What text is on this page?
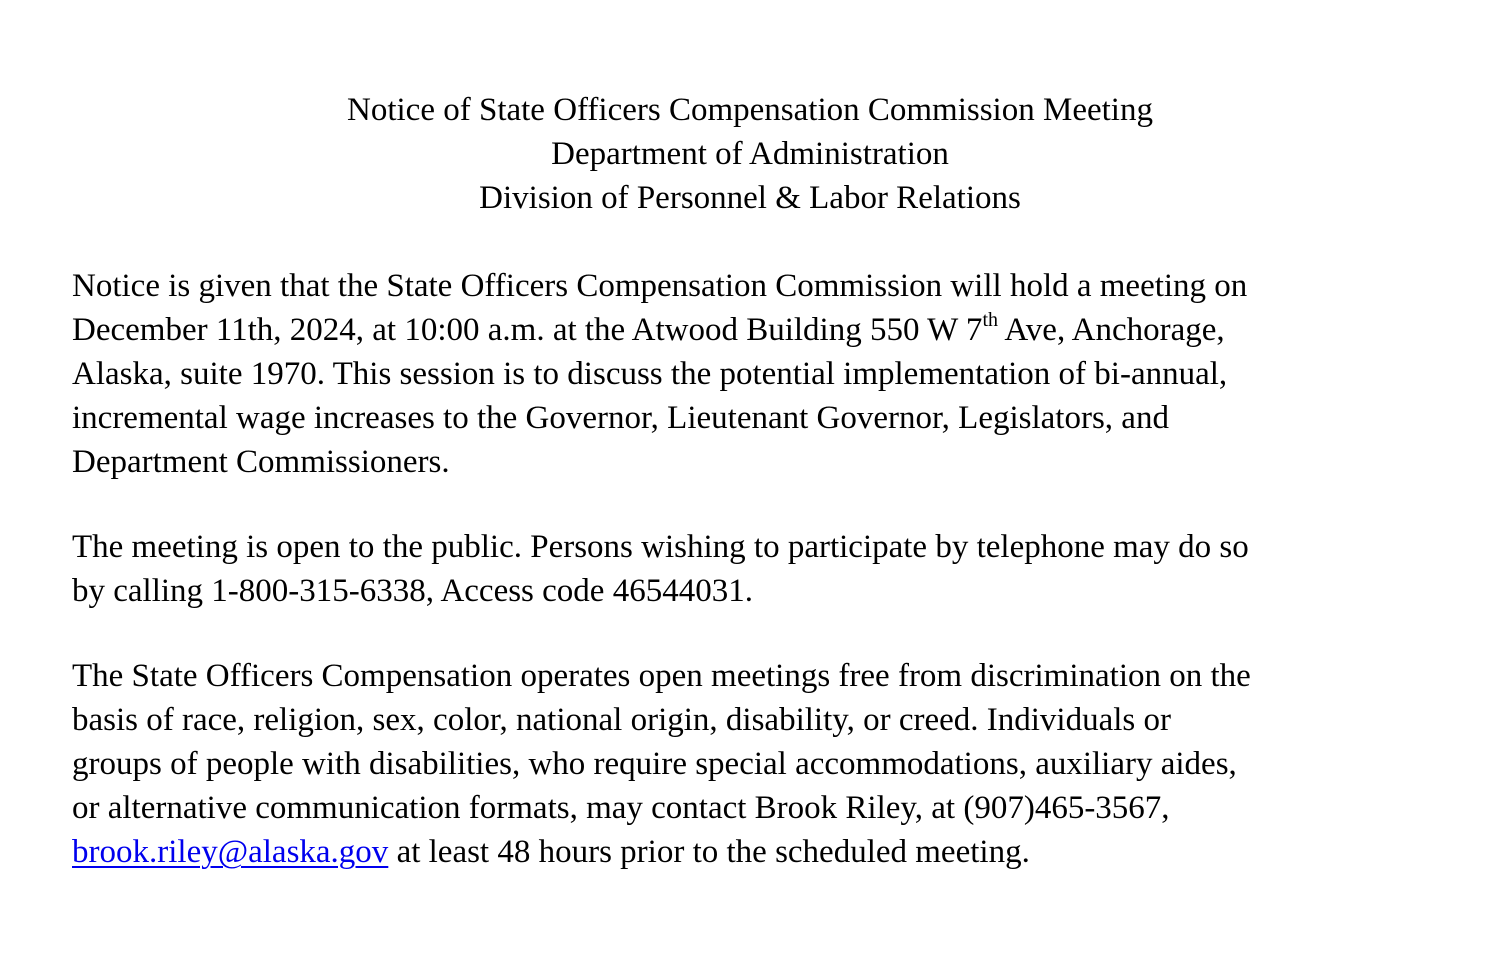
Notice of State Officers Compensation Commission Meeting
Department of Administration
Division of Personnel & Labor Relations

Notice is given that the State Officers Compensation Commission will hold a meeting on
December 11th, 2024, at 10:00 a.m. at the Atwood Building 550 W 7th Ave, Anchorage,
Alaska, suite 1970. This session is to discuss the potential implementation of bi-annual,
incremental wage increases to the Governor, Lieutenant Governor, Legislators, and
Department Commissioners.

The meeting is open to the public. Persons wishing to participate by telephone may do so
by calling 1-800-315-6338, Access code 46544031.

The State Officers Compensation operates open meetings free from discrimination on the
basis of race, religion, sex, color, national origin, disability, or creed. Individuals or
groups of people with disabilities, who require special accommodations, auxiliary aides,
or alternative communication formats, may contact Brook Riley, at (907)465-3567,
brook.riley@alaska.gov at least 48 hours prior to the scheduled meeting.
